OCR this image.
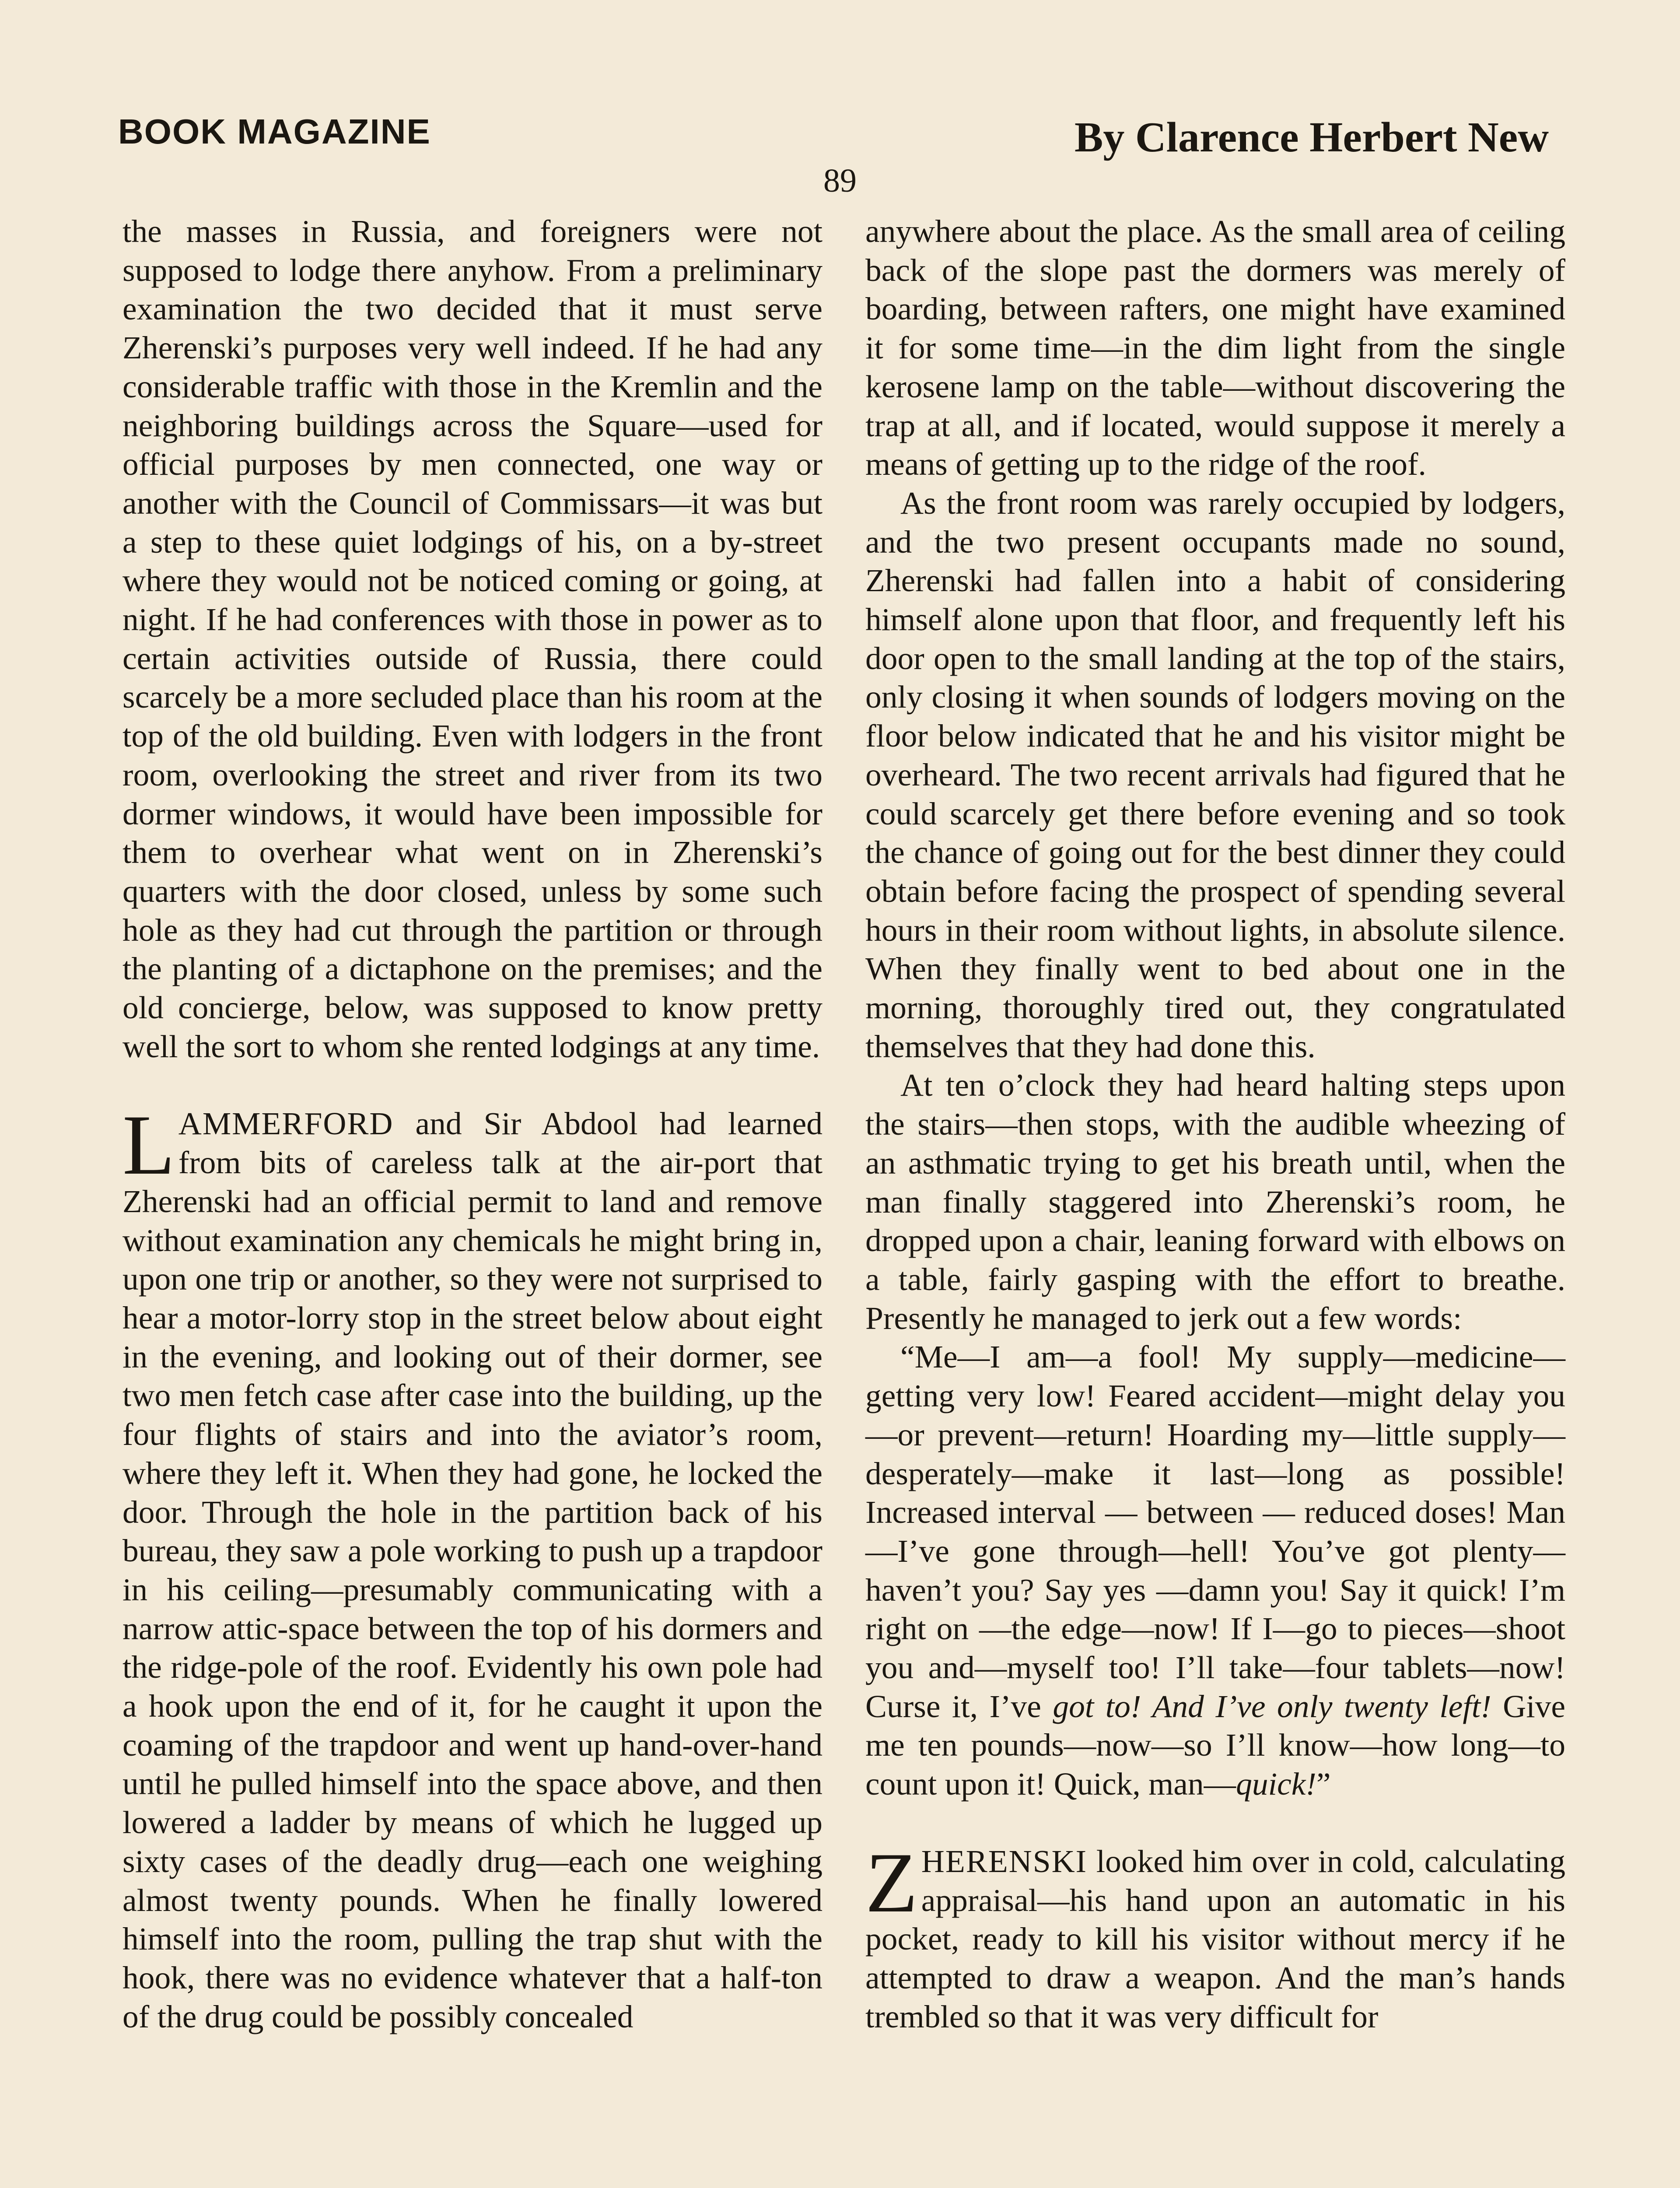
BOOK MAGAZINE	By Clarence Herbert New
89

the masses in Russia, and foreigners were not supposed to lodge there anyhow. From a preliminary examination the two decided that it must serve Zherenski’s purposes very well indeed. If he had any considerable traffic with those in the Kremlin and the neighboring buildings across the Square—used for official purposes by men connected, one way or another with the Council of Commissars—it was but a step to these quiet lodgings of his, on a by-street where they would not be noticed coming or going, at night. If he had conferences with those in power as to certain activities outside of Russia, there could scarcely be a more secluded place than his room at the top of the old building. Even with lodgers in the front room, overlooking the street and river from its two dormer windows, it would have been impossible for them to overhear what went on in Zherenski’s quarters with the door closed, unless by some such hole as they had cut through the partition or through the planting of a dictaphone on the premises; and the old concierge, below, was supposed to know pretty well the sort to whom she rented lodgings at any time.

LAMMERFORD and Sir Abdool had learned from bits of careless talk at the air-port that Zherenski had an official permit to land and remove without examination any chemicals he might bring in, upon one trip or another, so they were not surprised to hear a motor-lorry stop in the street below about eight in the evening, and looking out of their dormer, see two men fetch case after case into the building, up the four flights of stairs and into the aviator’s room, where they left it. When they had gone, he locked the door. Through the hole in the partition back of his bureau, they saw a pole working to push up a trapdoor in his ceiling—presumably communicating with a narrow attic-space between the top of his dormers and the ridge-pole of the roof. Evidently his own pole had a hook upon the end of it, for he caught it upon the coaming of the trapdoor and went up hand-over-hand until he pulled himself into the space above, and then lowered a ladder by means of which he lugged up sixty cases of the deadly drug—each one weighing almost twenty pounds. When he finally lowered himself into the room, pulling the trap shut with the hook, there was no evidence whatever that a half-ton of the drug could be possibly concealed

anywhere about the place. As the small area of ceiling back of the slope past the dormers was merely of boarding, between rafters, one might have examined it for some time—in the dim light from the single kerosene lamp on the table—without discovering the trap at all, and if located, would suppose it merely a means of getting up to the ridge of the roof.

As the front room was rarely occupied by lodgers, and the two present occupants made no sound, Zherenski had fallen into a habit of considering himself alone upon that floor, and frequently left his door open to the small landing at the top of the stairs, only closing it when sounds of lodgers moving on the floor below indicated that he and his visitor might be overheard. The two recent arrivals had figured that he could scarcely get there before evening and so took the chance of going out for the best dinner they could obtain before facing the prospect of spending several hours in their room without lights, in absolute silence. When they finally went to bed about one in the morning, thoroughly tired out, they congratulated themselves that they had done this.

At ten o’clock they had heard halting steps upon the stairs—then stops, with the audible wheezing of an asthmatic trying to get his breath until, when the man finally staggered into Zherenski’s room, he dropped upon a chair, leaning forward with elbows on a table, fairly gasping with the effort to breathe. Presently he managed to jerk out a few words:

“Me—I am—a fool! My supply—medicine—getting very low! Feared accident—might delay you—or prevent—return! Hoarding my—little supply—desperately—make it last—long as possible! Increased interval — between — reduced doses! Man—I’ve gone through—hell! You’ve got plenty—haven’t you? Say yes —damn you! Say it quick! I’m right on —the edge—now! If I—go to pieces—shoot you and—myself too! I’ll take—four tablets—now! Curse it, I’ve got to! And I’ve only twenty left! Give me ten pounds—now—so I’ll know—how long—to count upon it! Quick, man—quick!”

ZHERENSKI looked him over in cold, calculating appraisal—his hand upon an automatic in his pocket, ready to kill his visitor without mercy if he attempted to draw a weapon. And the man’s hands trembled so that it was very difficult for
